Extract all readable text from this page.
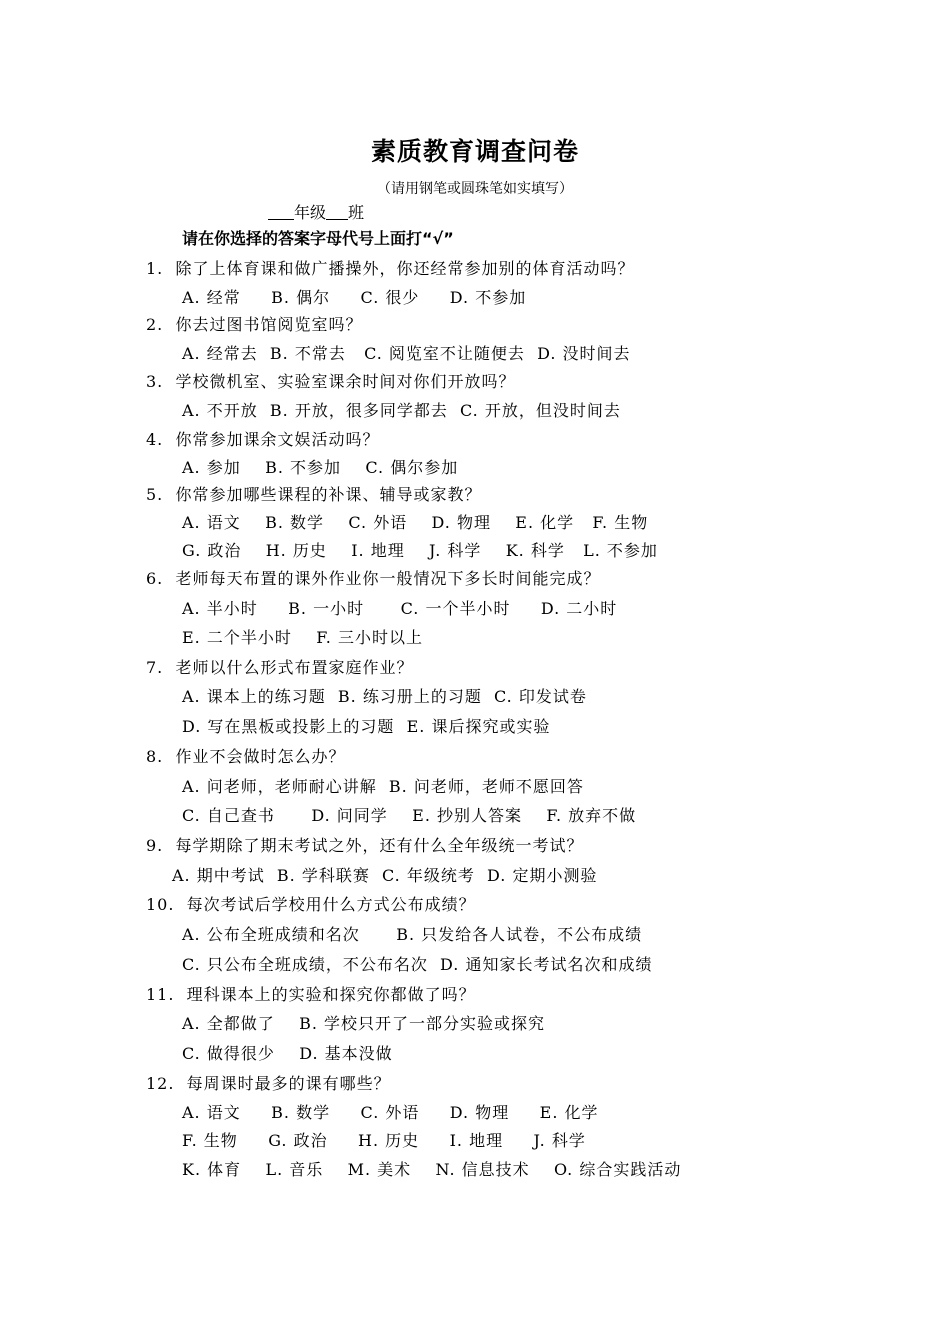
素质教育调查问卷
（请用钢笔或圆珠笔如实填写）
年级 班
请在你选择的答案字母代号上面打“√”
1.  除了上体育课和做广播操外，你还经常参加别的体育活动吗？
A. 经常     B. 偶尔     C. 很少     D. 不参加
2.  你去过图书馆阅览室吗？
A. 经常去  B. 不常去   C. 阅览室不让随便去  D. 没时间去
3.  学校微机室、实验室课余时间对你们开放吗？
A. 不开放  B. 开放，很多同学都去  C. 开放，但没时间去
4.  你常参加课余文娱活动吗？
A. 参加    B. 不参加    C. 偶尔参加
5.  你常参加哪些课程的补课、辅导或家教？
A. 语文    B. 数学    C. 外语    D. 物理    E. 化学   F. 生物
G. 政治    H. 历史    I. 地理    J. 科学    K. 科学   L. 不参加
6.  老师每天布置的课外作业你一般情况下多长时间能完成？
A. 半小时     B. 一小时      C. 一个半小时     D. 二小时
E. 二个半小时    F. 三小时以上
7.  老师以什么形式布置家庭作业？
A. 课本上的练习题  B. 练习册上的习题  C. 印发试卷
D. 写在黑板或投影上的习题  E. 课后探究或实验
8.  作业不会做时怎么办？
A. 问老师，老师耐心讲解  B. 问老师，老师不愿回答
C. 自己查书      D. 问同学    E. 抄别人答案    F. 放弃不做
9.  每学期除了期末考试之外，还有什么全年级统一考试？
A. 期中考试  B. 学科联赛  C. 年级统考  D. 定期小测验
10.  每次考试后学校用什么方式公布成绩？
A. 公布全班成绩和名次      B. 只发给各人试卷，不公布成绩
C. 只公布全班成绩，不公布名次  D. 通知家长考试名次和成绩
11.  理科课本上的实验和探究你都做了吗？
A. 全都做了    B. 学校只开了一部分实验或探究
C. 做得很少    D. 基本没做
12.  每周课时最多的课有哪些？
A. 语文     B. 数学     C. 外语     D. 物理     E. 化学
F. 生物     G. 政治     H. 历史     I. 地理     J. 科学
K. 体育    L. 音乐    M. 美术    N. 信息技术    O. 综合实践活动
